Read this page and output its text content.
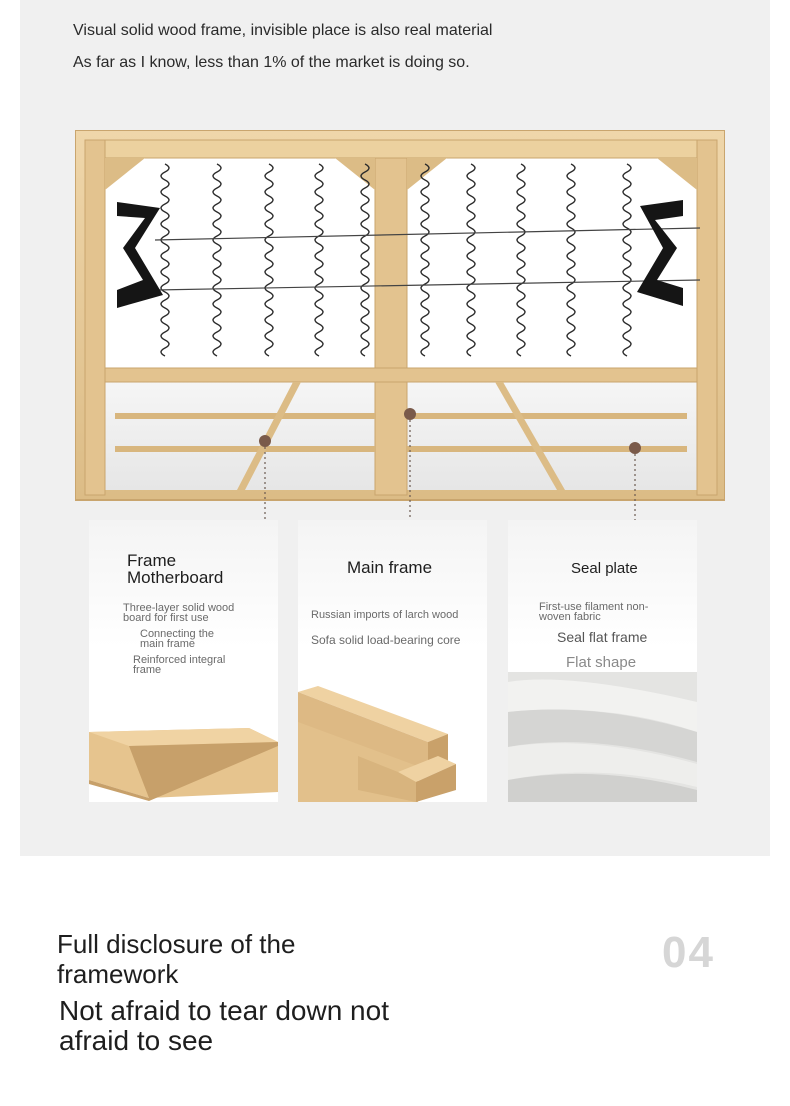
Visual solid wood frame, invisible place is also real material
As far as I know, less than 1% of the market is doing so.
Frame Motherboard
Three-layer solid wood board for first use
Connecting the main frame
Reinforced integral frame
Main frame
Russian imports of larch wood
Sofa solid load-bearing core
Seal plate
First-use filament non-woven fabric
Seal flat frame
Flat shape
Full disclosure of the framework
Not afraid to tear down not afraid to see
04
